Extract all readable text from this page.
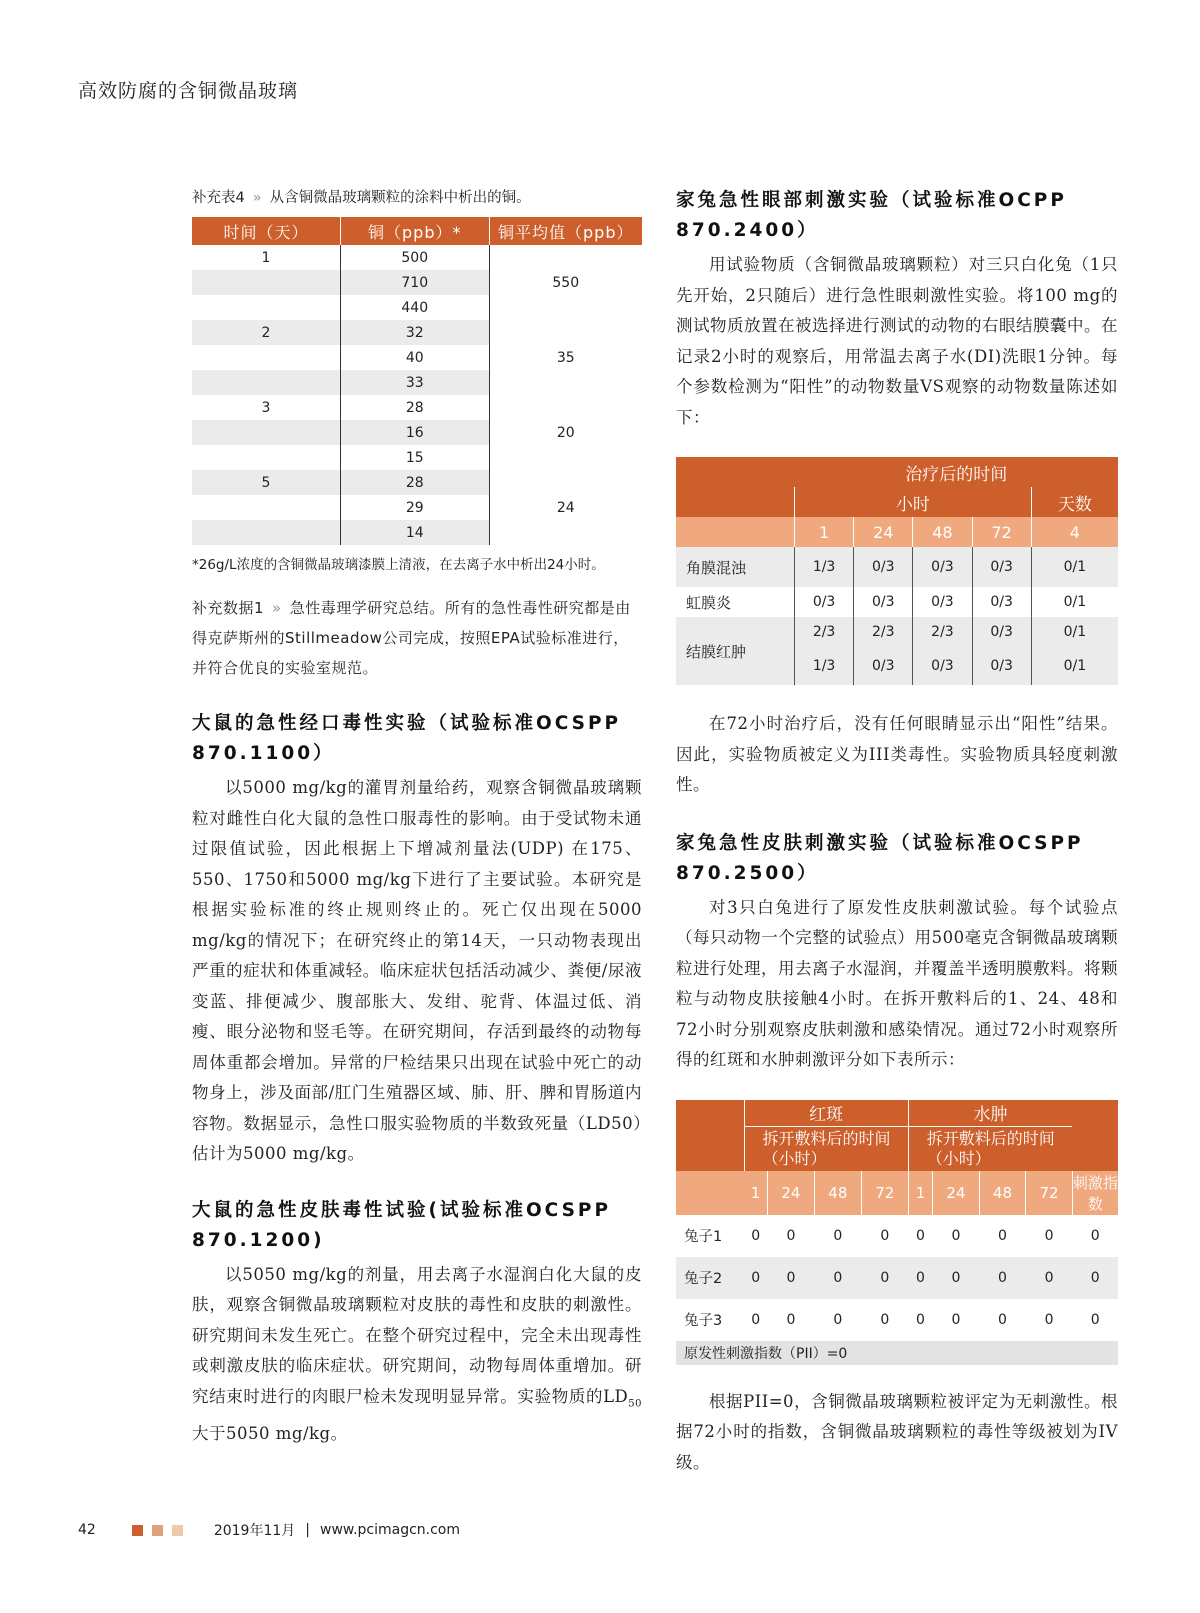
高效防腐的含铜微晶玻璃
补充表4 » 从含铜微晶玻璃颗粒的涂料中析出的铜。
时间（天）	铜（ppb）*	铜平均值（ppb）
1	500	550
	710	
	440	
2	32	35
	40	
	33	
3	28	20
	16	
	15	
5	28	24
	29	
	14	
*26g/L浓度的含铜微晶玻璃漆膜上清液，在去离子水中析出24小时。
补充数据1 » 急性毒理学研究总结。所有的急性毒性研究都是由得克萨斯州的Stillmeadow公司完成，按照EPA试验标准进行，并符合优良的实验室规范。
大鼠的急性经口毒性实验（试验标准OCSPP 870.1100）

以5000 mg/kg的灌胃剂量给药，观察含铜微晶玻璃颗粒对雌性白化大鼠的急性口服毒性的影响。由于受试物未通过限值试验，因此根据上下增减剂量法(UDP) 在175、550、1750和5000 mg/kg下进行了主要试验。本研究是根据实验标准的终止规则终止的。死亡仅出现在5000 mg/kg的情况下；在研究终止的第14天，一只动物表现出严重的症状和体重减轻。临床症状包括活动减少、粪便/尿液变蓝、排便减少、腹部胀大、发绀、驼背、体温过低、消瘦、眼分泌物和竖毛等。在研究期间，存活到最终的动物每周体重都会增加。异常的尸检结果只出现在试验中死亡的动物身上，涉及面部/肛门生殖器区域、肺、肝、脾和胃肠道内容物。数据显示，急性口服实验物质的半数致死量（LD50）估计为5000 mg/kg。

大鼠的急性皮肤毒性试验(试验标准OCSPP 870.1200)

以5050 mg/kg的剂量，用去离子水湿润白化大鼠的皮肤，观察含铜微晶玻璃颗粒对皮肤的毒性和皮肤的刺激性。研究期间未发生死亡。在整个研究过程中，完全未出现毒性或刺激皮肤的临床症状。研究期间，动物每周体重增加。研究结束时进行的肉眼尸检未发现明显异常。实验物质的$LD_{50}$大于5050 mg/kg。

家兔急性眼部刺激实验（试验标准OCPP 870.2400）

用试验物质（含铜微晶玻璃颗粒）对三只白化兔（1只先开始，2只随后）进行急性眼刺激性实验。将100 mg的测试物质放置在被选择进行测试的动物的右眼结膜囊中。在记录2小时的观察后，用常温去离子水(DI)洗眼1分钟。每个参数检测为“阳性”的动物数量VS观察的动物数量陈述如下：

	治疗后的时间				
	小时				天数
	1	24	48	72	4
角膜混浊	1/3	0/3	0/3	0/3	0/1
虹膜炎	0/3	0/3	0/3	0/3	0/1
结膜红肿	2/3	2/3	2/3	0/3	0/1
	1/3	0/3	0/3	0/3	0/1

在72小时治疗后，没有任何眼睛显示出“阳性”结果。因此，实验物质被定义为III类毒性。实验物质具轻度刺激性。

家兔急性皮肤刺激实验（试验标准OCSPP 870.2500）

对3只白兔进行了原发性皮肤刺激试验。每个试验点（每只动物一个完整的试验点）用500毫克含铜微晶玻璃颗粒进行处理，用去离子水湿润，并覆盖半透明膜敷料。将颗粒与动物皮肤接触4小时。在拆开敷料后的1、24、48和72小时分别观察皮肤刺激和感染情况。通过72小时观察所得的红斑和水肿刺激评分如下表所示：

	红斑				水肿				
	拆开敷料后的时间（小时）				拆开敷料后的时间（小时）				
	1	24	48	72	1	24	48	72	刺激指数
兔子1	0	0	0	0	0	0	0	0	0
兔子2	0	0	0	0	0	0	0	0	0
兔子3	0	0	0	0	0	0	0	0	0
原发性刺激指数（PII）=0									

根据PII=0，含铜微晶玻璃颗粒被评定为无刺激性。根据72小时的指数，含铜微晶玻璃颗粒的毒性等级被划为IV级。

42	2019年11月 | www.pcimagcn.com
